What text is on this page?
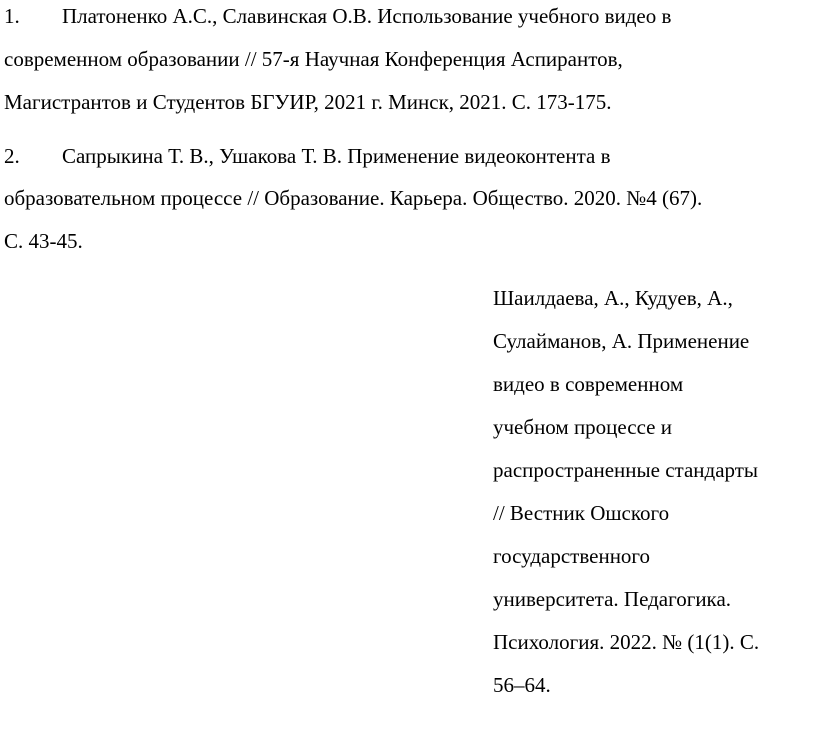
1. Платоненко А.С., Славинская О.В. Использование учебного видео в
современном образовании // 57-я Научная Конференция Аспирантов,
Магистрантов и Студентов БГУИР, 2021 г. Минск, 2021. С. 173-175.
2. Сапрыкина Т. В., Ушакова Т. В. Применение видеоконтента в
образовательном процессе // Образование. Карьера. Общество. 2020. №4 (67).
С. 43-45.
Шаилдаева, А., Кудуев, А.,
Сулайманов, А. Применение
видео в современном
учебном процессе и
распространенные стандарты
// Вестник Ошского
государственного
университета. Педагогика.
Психология. 2022. № (1(1). С.
56–64.
